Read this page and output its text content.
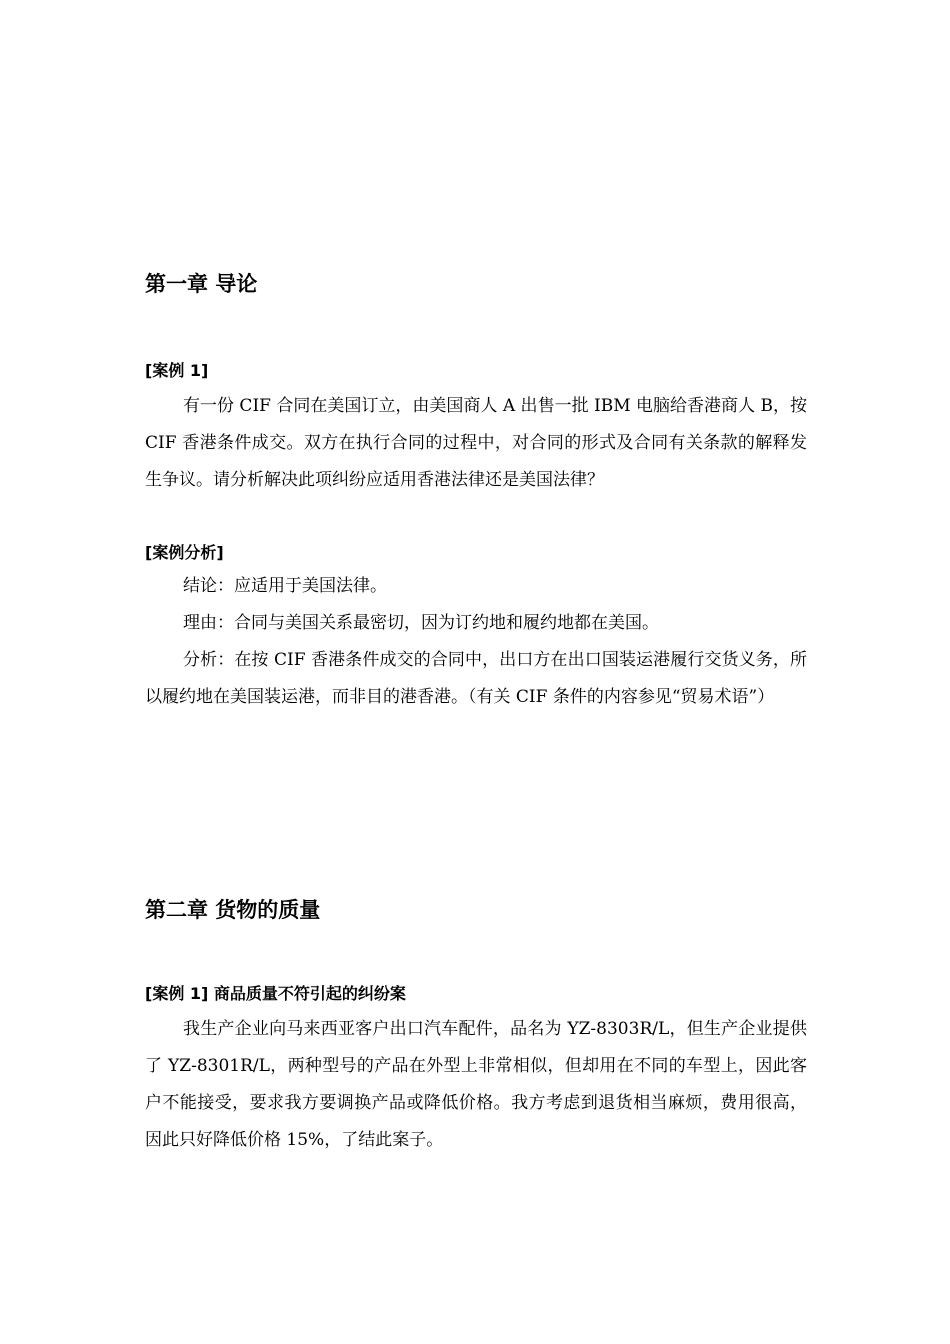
第一章 导论
[案例 1]

有一份 CIF 合同在美国订立，由美国商人 A 出售一批 IBM 电脑给香港商人 B，按 CIF 香港条件成交。双方在执行合同的过程中，对合同的形式及合同有关条款的解释发生争议。请分析解决此项纠纷应适用香港法律还是美国法律？

[案例分析]

结论：应适用于美国法律。

理由：合同与美国关系最密切，因为订约地和履约地都在美国。

分析：在按 CIF 香港条件成交的合同中，出口方在出口国装运港履行交货义务，所以履约地在美国装运港，而非目的港香港。（有关 CIF 条件的内容参见“贸易术语”）

第二章 货物的质量
[案例 1] 商品质量不符引起的纠纷案

我生产企业向马来西亚客户出口汽车配件，品名为 YZ-8303R/L，但生产企业提供了 YZ-8301R/L，两种型号的产品在外型上非常相似，但却用在不同的车型上，因此客户不能接受，要求我方要调换产品或降低价格。我方考虑到退货相当麻烦，费用很高，因此只好降低价格 15%，了结此案子。
